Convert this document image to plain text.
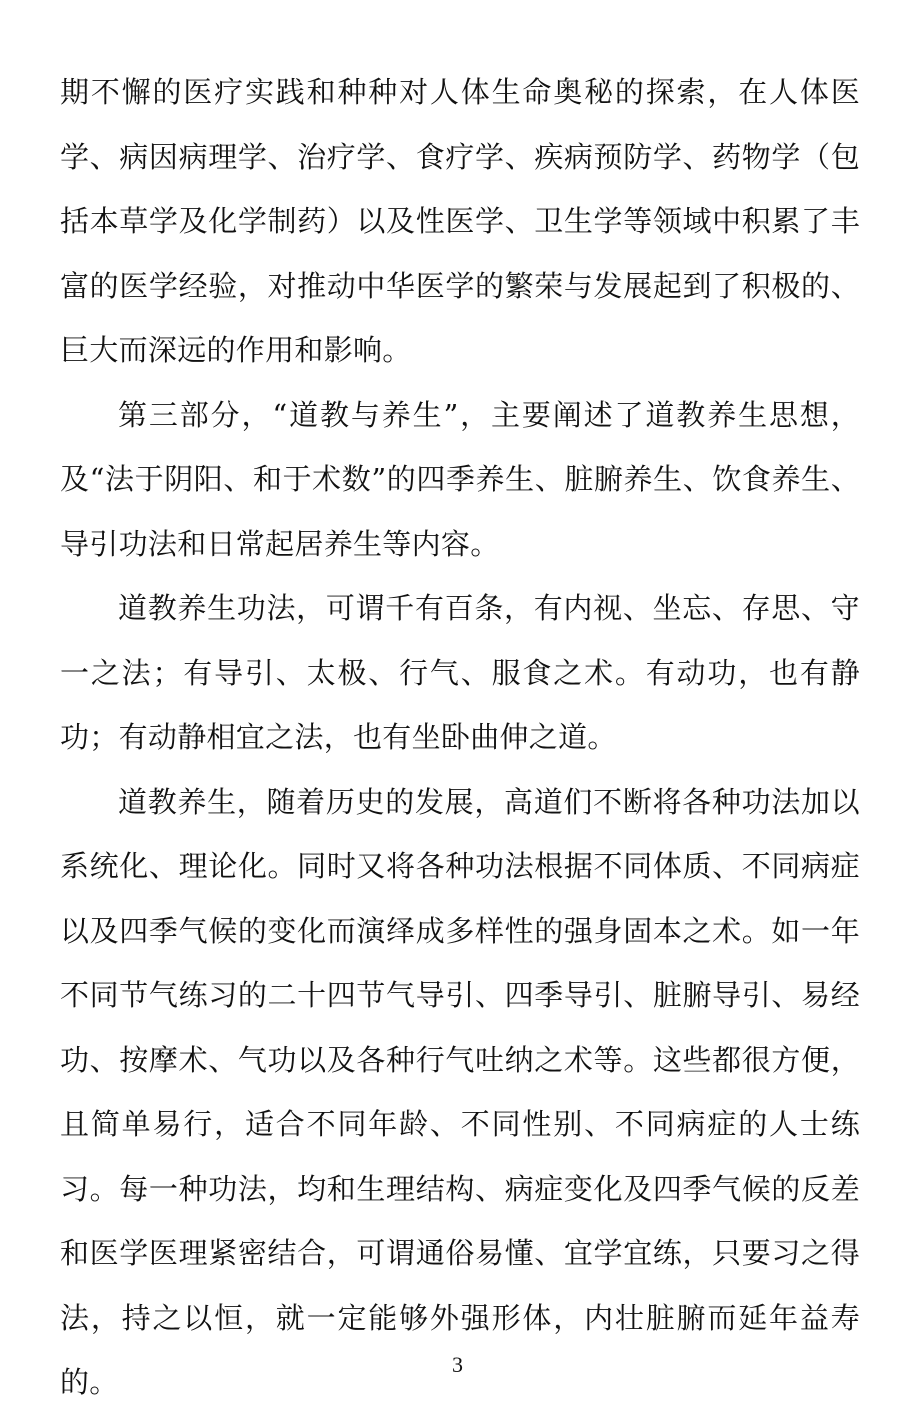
期不懈的医疗实践和种种对人体生命奥秘的探索，在人体医学、病因病理学、治疗学、食疗学、疾病预防学、药物学（包括本草学及化学制药）以及性医学、卫生学等领域中积累了丰富的医学经验，对推动中华医学的繁荣与发展起到了积极的、巨大而深远的作用和影响。

第三部分，“道教与养生”，主要阐述了道教养生思想，及“法于阴阳、和于术数”的四季养生、脏腑养生、饮食养生、导引功法和日常起居养生等内容。

道教养生功法，可谓千有百条，有内视、坐忘、存思、守一之法；有导引、太极、行气、服食之术。有动功，也有静功；有动静相宜之法，也有坐卧曲伸之道。

道教养生，随着历史的发展，高道们不断将各种功法加以系统化、理论化。同时又将各种功法根据不同体质、不同病症以及四季气候的变化而演绎成多样性的强身固本之术。如一年不同节气练习的二十四节气导引、四季导引、脏腑导引、易经功、按摩术、气功以及各种行气吐纳之术等。这些都很方便，且简单易行，适合不同年龄、不同性别、不同病症的人士练习。每一种功法，均和生理结构、病症变化及四季气候的反差和医学医理紧密结合，可谓通俗易懂、宜学宜练，只要习之得法，持之以恒，就一定能够外强形体，内壮脏腑而延年益寿的。

3
